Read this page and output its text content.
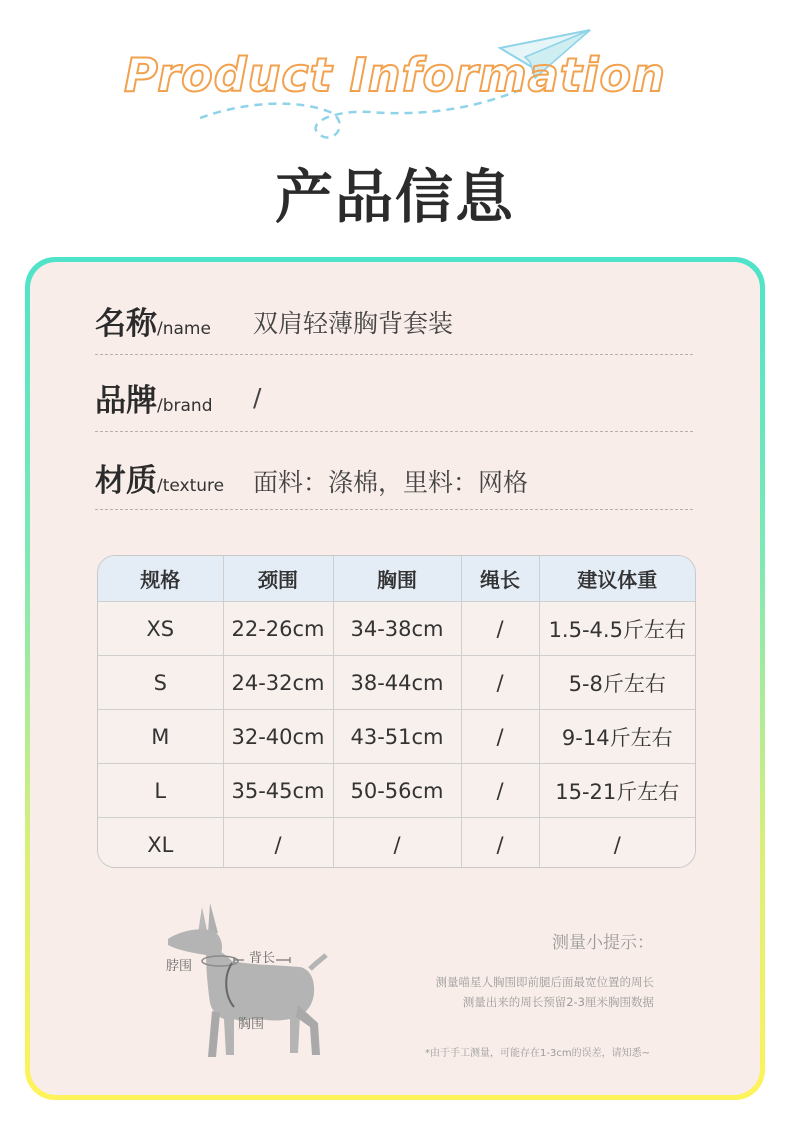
Product Information
产品信息
名称/name 双肩轻薄胸背套装
品牌/brand /
材质/texture 面料：涤棉，里料：网格
规格	颈围	胸围	绳长	建议体重
XS	22-26cm	34-38cm	/	1.5-4.5斤左右
S	24-32cm	38-44cm	/	5-8斤左右
M	32-40cm	43-51cm	/	9-14斤左右
L	35-45cm	50-56cm	/	15-21斤左右
XL	/	/	/	/
脖围
背长
胸围
测量小提示：
测量喵星人胸围即前腿后面最宽位置的周长
测量出来的周长预留2-3厘米胸围数据
*由于手工测量，可能存在1-3cm的误差，请知悉~
